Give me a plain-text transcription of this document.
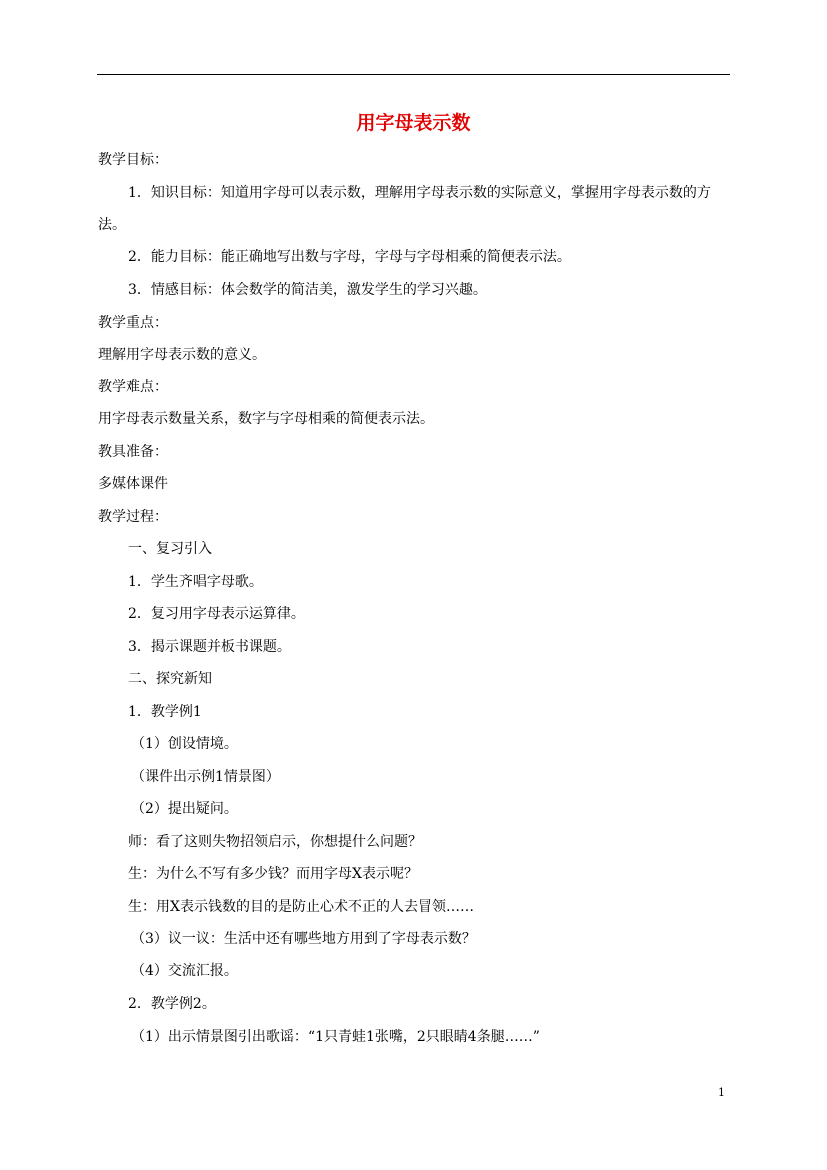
用字母表示数

教学目标：

1．知识目标：知道用字母可以表示数，理解用字母表示数的实际意义，掌握用字母表示数的方

法。

2．能力目标：能正确地写出数与字母，字母与字母相乘的简便表示法。

3．情感目标：体会数学的简洁美，激发学生的学习兴趣。

教学重点：

理解用字母表示数的意义。

教学难点：

用字母表示数量关系，数字与字母相乘的简便表示法。

教具准备：

多媒体课件

教学过程：

一、复习引入

1．学生齐唱字母歌。

2．复习用字母表示运算律。

3．揭示课题并板书课题。

二、探究新知

1．教学例1

（1）创设情境。

（课件出示例1情景图）

（2）提出疑问。

师：看了这则失物招领启示，你想提什么问题？

生：为什么不写有多少钱？而用字母X表示呢？

生：用X表示钱数的目的是防止心术不正的人去冒领……

（3）议一议：生活中还有哪些地方用到了字母表示数？

（4）交流汇报。

2．教学例2。

（1）出示情景图引出歌谣：“1只青蛙1张嘴，2只眼睛4条腿……”

1
